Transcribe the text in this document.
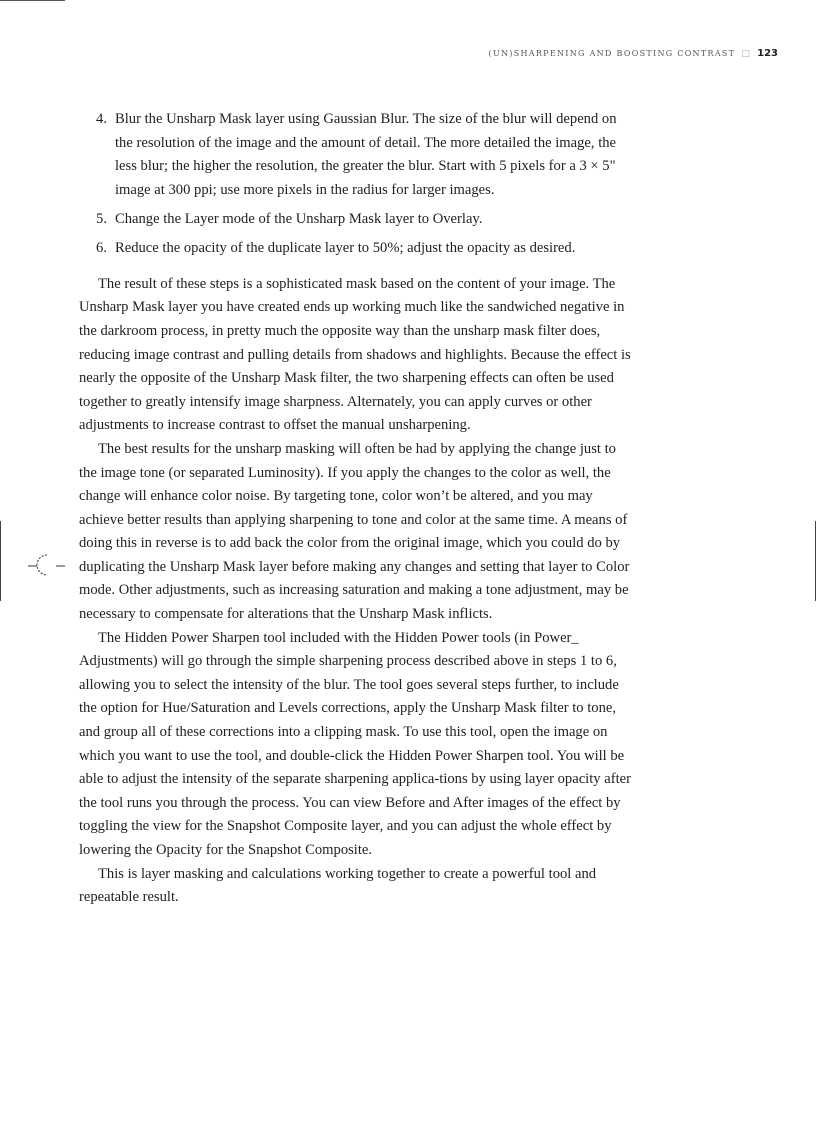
(UN)SHARPENING AND BOOSTING CONTRAST □ 123
4. Blur the Unsharp Mask layer using Gaussian Blur. The size of the blur will depend on the resolution of the image and the amount of detail. The more detailed the image, the less blur; the higher the resolution, the greater the blur. Start with 5 pixels for a 3 × 5" image at 300 ppi; use more pixels in the radius for larger images.
5. Change the Layer mode of the Unsharp Mask layer to Overlay.
6. Reduce the opacity of the duplicate layer to 50%; adjust the opacity as desired.

The result of these steps is a sophisticated mask based on the content of your image. The Unsharp Mask layer you have created ends up working much like the sandwiched negative in the darkroom process, in pretty much the opposite way than the unsharp mask filter does, reducing image contrast and pulling details from shadows and highlights. Because the effect is nearly the opposite of the Unsharp Mask filter, the two sharpening effects can often be used together to greatly intensify image sharpness. Alternately, you can apply curves or other adjustments to increase contrast to offset the manual unsharpening.

The best results for the unsharp masking will often be had by applying the change just to the image tone (or separated Luminosity). If you apply the changes to the color as well, the change will enhance color noise. By targeting tone, color won’t be altered, and you may achieve better results than applying sharpening to tone and color at the same time. A means of doing this in reverse is to add back the color from the original image, which you could do by duplicating the Unsharp Mask layer before making any changes and setting that layer to Color mode. Other adjustments, such as increasing saturation and making a tone adjustment, may be necessary to compensate for alterations that the Unsharp Mask inflicts.

The Hidden Power Sharpen tool included with the Hidden Power tools (in Power_ Adjustments) will go through the simple sharpening process described above in steps 1 to 6, allowing you to select the intensity of the blur. The tool goes several steps further, to include the option for Hue/Saturation and Levels corrections, apply the Unsharp Mask filter to tone, and group all of these corrections into a clipping mask. To use this tool, open the image on which you want to use the tool, and double-click the Hidden Power Sharpen tool. You will be able to adjust the intensity of the separate sharpening applica-tions by using layer opacity after the tool runs you through the process. You can view Before and After images of the effect by toggling the view for the Snapshot Composite layer, and you can adjust the whole effect by lowering the Opacity for the Snapshot Composite.

This is layer masking and calculations working together to create a powerful tool and repeatable result.
